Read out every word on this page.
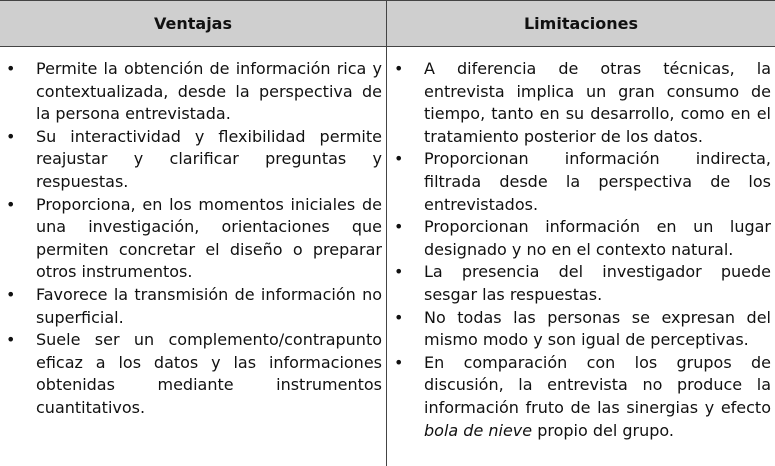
Ventajas	Limitaciones
• Permite la obtención de información rica y contextualizada, desde la perspectiva de la persona entrevistada.
• Su interactividad y flexibilidad permite reajustar y clarificar preguntas y respuestas.
• Proporciona, en los momentos iniciales de una investigación, orientaciones que permiten concretar el diseño o preparar otros instrumentos.
• Favorece la transmisión de información no superficial.
• Suele ser un complemento/contrapunto eficaz a los datos y las informaciones obtenidas mediante instrumentos cuantitativos.
• A diferencia de otras técnicas, la entrevista implica un gran consumo de tiempo, tanto en su desarrollo, como en el tratamiento posterior de los datos.
• Proporcionan información indirecta, filtrada desde la perspectiva de los entrevistados.
• Proporcionan información en un lugar designado y no en el contexto natural.
• La presencia del investigador puede sesgar las respuestas.
• No todas las personas se expresan del mismo modo y son igual de perceptivas.
• En comparación con los grupos de discusión, la entrevista no produce la información fruto de las sinergias y efecto bola de nieve propio del grupo.
